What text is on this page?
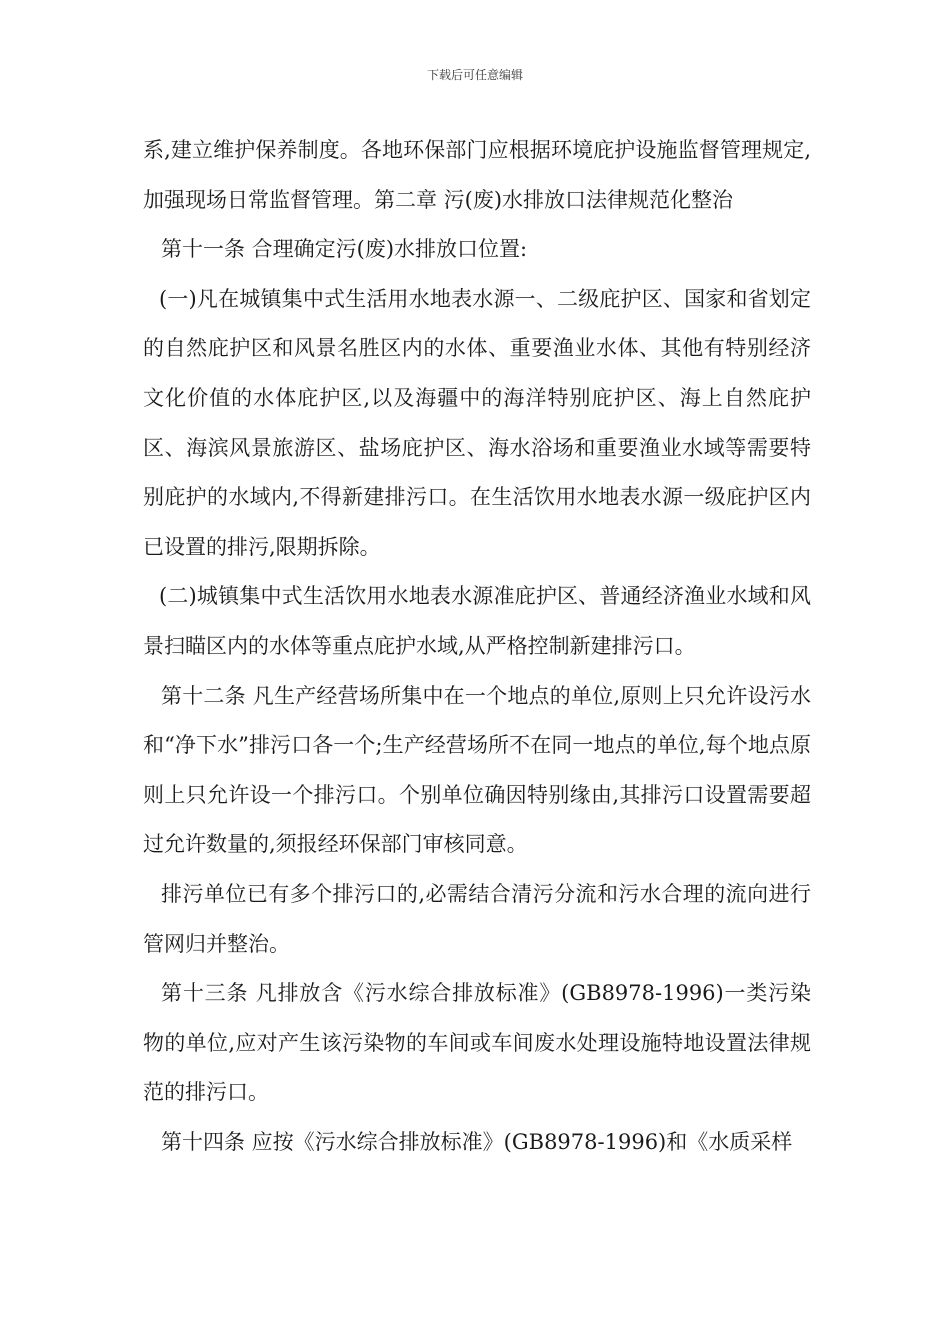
下载后可任意编辑

系,建立维护保养制度。各地环保部门应根据环境庇护设施监督管理规定,加强现场日常监督管理。第二章 污(废)水排放口法律规范化整治

第十一条 合理确定污(废)水排放口位置:

(一)凡在城镇集中式生活用水地表水源一、二级庇护区、国家和省划定的自然庇护区和风景名胜区内的水体、重要渔业水体、其他有特别经济文化价值的水体庇护区,以及海疆中的海洋特别庇护区、海上自然庇护区、海滨风景旅游区、盐场庇护区、海水浴场和重要渔业水域等需要特别庇护的水域内,不得新建排污口。在生活饮用水地表水源一级庇护区内已设置的排污,限期拆除。

(二)城镇集中式生活饮用水地表水源准庇护区、普通经济渔业水域和风景扫瞄区内的水体等重点庇护水域,从严格控制新建排污口。

第十二条 凡生产经营场所集中在一个地点的单位,原则上只允许设污水和“净下水”排污口各一个;生产经营场所不在同一地点的单位,每个地点原则上只允许设一个排污口。个别单位确因特别缘由,其排污口设置需要超过允许数量的,须报经环保部门审核同意。

排污单位已有多个排污口的,必需结合清污分流和污水合理的流向进行管网归并整治。

第十三条 凡排放含《污水综合排放标准》(GB8978-1996)一类污染物的单位,应对产生该污染物的车间或车间废水处理设施特地设置法律规范的排污口。

第十四条 应按《污水综合排放标准》(GB8978-1996)和《水质采样
